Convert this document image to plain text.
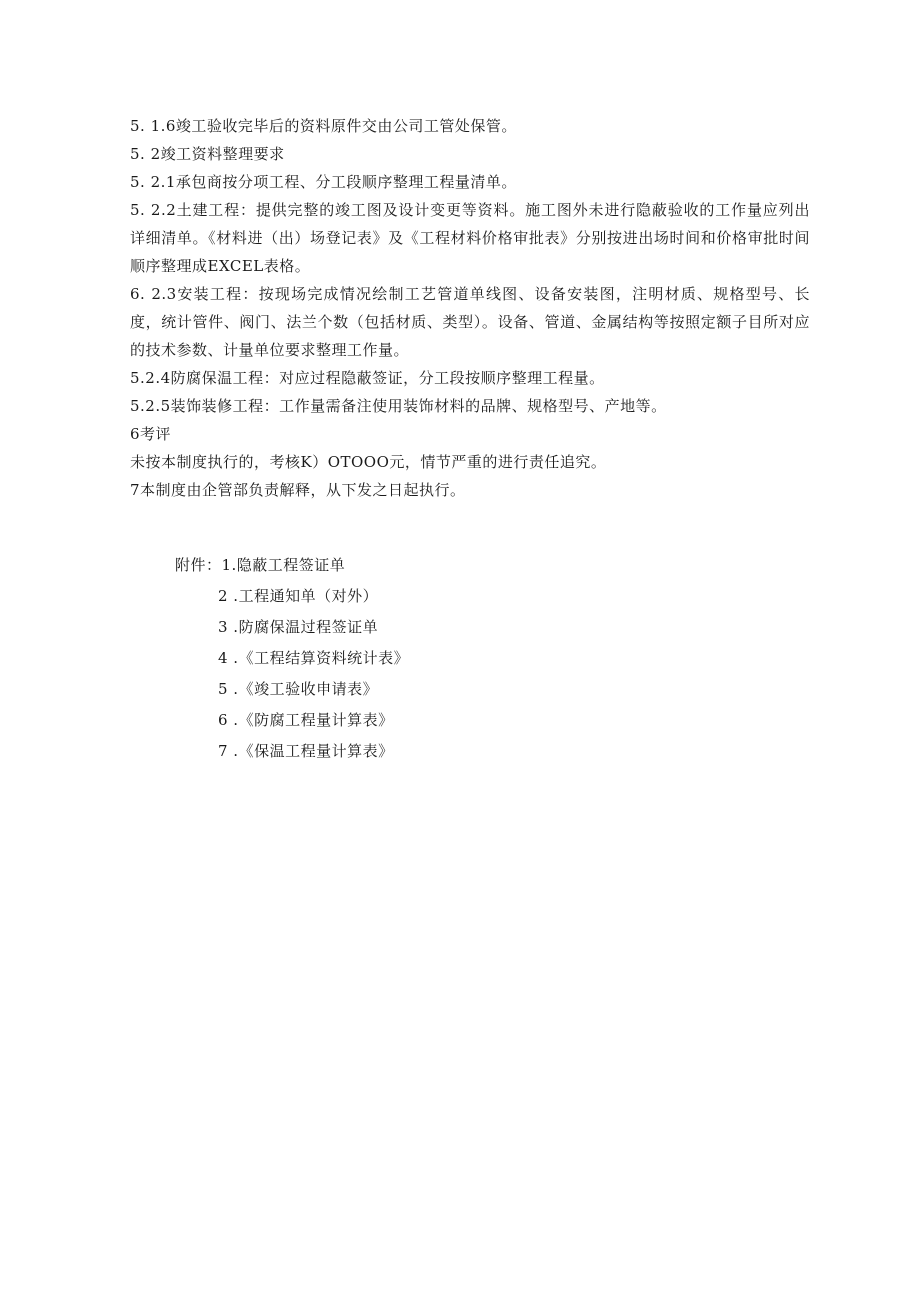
5. 1.6竣工验收完毕后的资料原件交由公司工管处保管。

5. 2竣工资料整理要求

5. 2.1承包商按分项工程、分工段顺序整理工程量清单。

5. 2.2土建工程：提供完整的竣工图及设计变更等资料。施工图外未进行隐蔽验收的工作量应列出详细清单。《材料进（出）场登记表》及《工程材料价格审批表》分别按进出场时间和价格审批时间顺序整理成EXCEL表格。

6. 2.3安装工程：按现场完成情况绘制工艺管道单线图、设备安装图，注明材质、规格型号、长度，统计管件、阀门、法兰个数（包括材质、类型）。设备、管道、金属结构等按照定额子目所对应的技术参数、计量单位要求整理工作量。

5.2.4防腐保温工程：对应过程隐蔽签证，分工段按顺序整理工程量。

5.2.5装饰装修工程：工作量需备注使用装饰材料的品牌、规格型号、产地等。

6考评

未按本制度执行的，考核K）OTOOO元，情节严重的进行责任追究。

7本制度由企管部负责解释，从下发之日起执行。

附件：1.隐蔽工程签证单

2 .工程通知单（对外）

3 .防腐保温过程签证单

4 .《工程结算资料统计表》

5 .《竣工验收申请表》

6 .《防腐工程量计算表》

7 .《保温工程量计算表》
